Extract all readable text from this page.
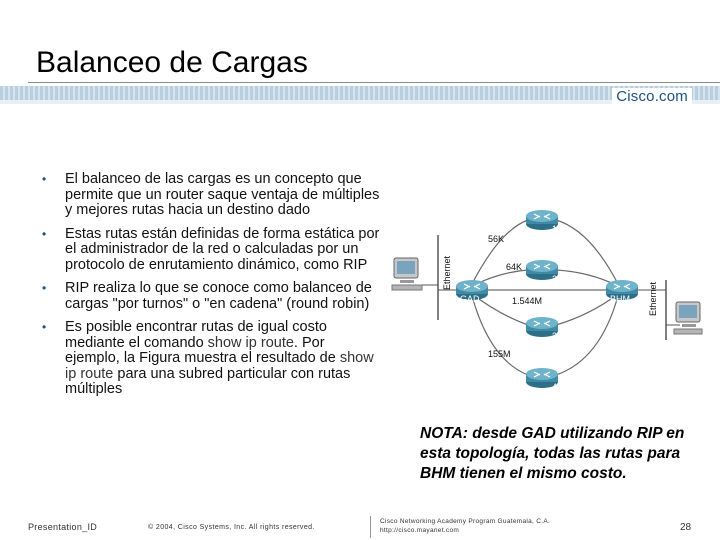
Balanceo de Cargas
Cisco.com
• El balanceo de las cargas es un concepto que permite que un router saque ventaja de múltiples y mejores rutas hacia un destino dado
• Estas rutas están definidas de forma estática por el administrador de la red o calculadas por un protocolo de enrutamiento dinámico, como RIP
• RIP realiza lo que se conoce como balanceo de cargas "por turnos" o "en cadena" (round robin)
• Es posible encontrar rutas de igual costo mediante el comando show ip route. Por ejemplo, la Figura muestra el resultado de show ip route para una subred particular con rutas múltiples
1
2
3
4
GAD	BHM
56K
64K
1.544M
155M
Ethernet
Ethernet
NOTA: desde GAD utilizando RIP en esta topología, todas las rutas para BHM tienen el mismo costo.
Presentation_ID	© 2004, Cisco Systems, Inc. All rights reserved.
Cisco Networking Academy Program Guatemala, C.A.
http://cisco.mayanet.com	28
